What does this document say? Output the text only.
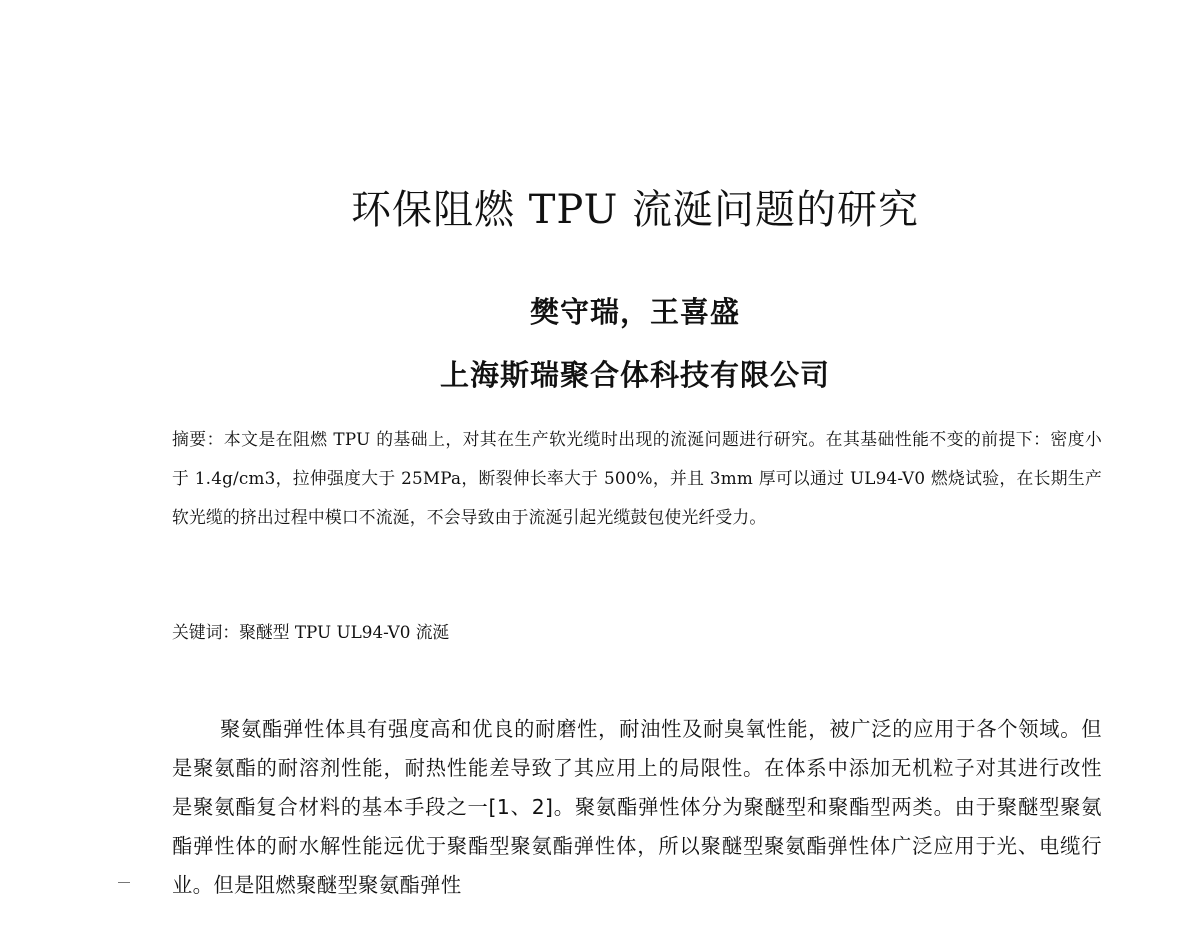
环保阻燃 TPU 流涎问题的研究
樊守瑞，王喜盛
上海斯瑞聚合体科技有限公司
摘要：本文是在阻燃 TPU 的基础上，对其在生产软光缆时出现的流涎问题进行研究。在其基础性能不变的前提下：密度小于 1.4g/cm3，拉伸强度大于 25MPa，断裂伸长率大于 500%，并且 3mm 厚可以通过 UL94-V0 燃烧试验，在长期生产软光缆的挤出过程中模口不流涎，不会导致由于流涎引起光缆鼓包使光纤受力。
关键词：聚醚型 TPU UL94-V0 流涎
聚氨酯弹性体具有强度高和优良的耐磨性，耐油性及耐臭氧性能，被广泛的应用于各个领域。但是聚氨酯的耐溶剂性能，耐热性能差导致了其应用上的局限性。在体系中添加无机粒子对其进行改性是聚氨酯复合材料的基本手段之一[1、2]。聚氨酯弹性体分为聚醚型和聚酯型两类。由于聚醚型聚氨酯弹性体的耐水解性能远优于聚酯型聚氨酯弹性体，所以聚醚型聚氨酯弹性体广泛应用于光、电缆行业。但是阻燃聚醚型聚氨酯弹性
